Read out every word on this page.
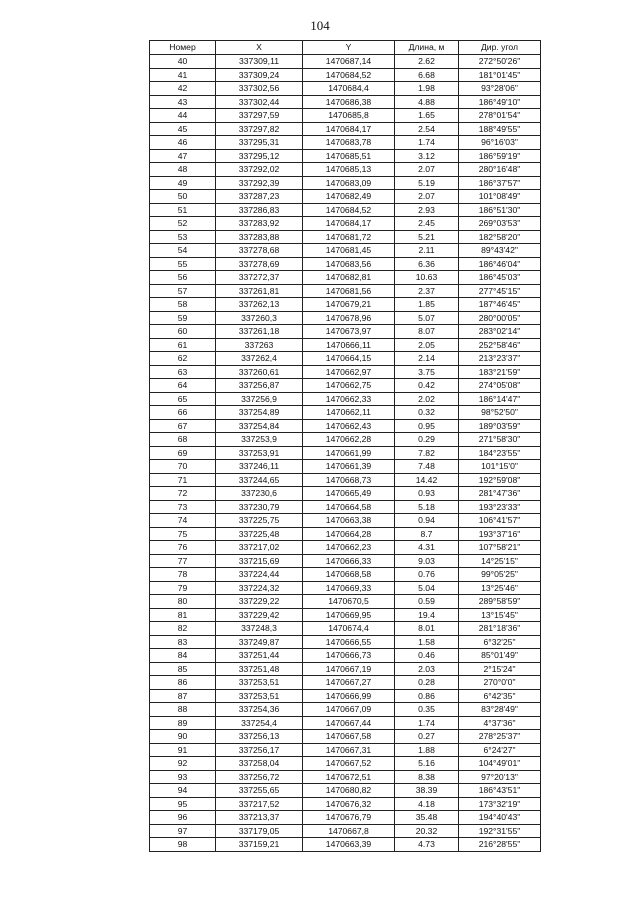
104
Номер	X	Y	Длина, м	Дир. угол
40	337309,11	1470687,14	2.62	272°50'26"
41	337309,24	1470684,52	6.68	181°01'45"
42	337302,56	1470684,4	1.98	93°28'06"
43	337302,44	1470686,38	4.88	186°49'10"
44	337297,59	1470685,8	1.65	278°01'54"
45	337297,82	1470684,17	2.54	188°49'55"
46	337295,31	1470683,78	1.74	96°16'03"
47	337295,12	1470685,51	3.12	186°59'19"
48	337292,02	1470685,13	2.07	280°16'48"
49	337292,39	1470683,09	5.19	186°37'57"
50	337287,23	1470682,49	2.07	101°08'49"
51	337286,83	1470684,52	2.93	186°51'30"
52	337283,92	1470684,17	2.45	269°03'53"
53	337283,88	1470681,72	5.21	182°58'20"
54	337278,68	1470681,45	2.11	89°43'42"
55	337278,69	1470683,56	6.36	186°46'04"
56	337272,37	1470682,81	10.63	186°45'03"
57	337261,81	1470681,56	2.37	277°45'15"
58	337262,13	1470679,21	1.85	187°46'45"
59	337260,3	1470678,96	5.07	280°00'05"
60	337261,18	1470673,97	8.07	283°02'14"
61	337263	1470666,11	2.05	252°58'46"
62	337262,4	1470664,15	2.14	213°23'37"
63	337260,61	1470662,97	3.75	183°21'59"
64	337256,87	1470662,75	0.42	274°05'08"
65	337256,9	1470662,33	2.02	186°14'47"
66	337254,89	1470662,11	0.32	98°52'50"
67	337254,84	1470662,43	0.95	189°03'59"
68	337253,9	1470662,28	0.29	271°58'30"
69	337253,91	1470661,99	7.82	184°23'55"
70	337246,11	1470661,39	7.48	101°15'0"
71	337244,65	1470668,73	14.42	192°59'08"
72	337230,6	1470665,49	0.93	281°47'36"
73	337230,79	1470664,58	5.18	193°23'33"
74	337225,75	1470663,38	0.94	106°41'57"
75	337225,48	1470664,28	8.7	193°37'16"
76	337217,02	1470662,23	4.31	107°58'21"
77	337215,69	1470666,33	9.03	14°25'15"
78	337224,44	1470668,58	0.76	99°05'25"
79	337224,32	1470669,33	5.04	13°25'46"
80	337229,22	1470670,5	0.59	289°58'59"
81	337229,42	1470669,95	19.4	13°15'45"
82	337248,3	1470674,4	8.01	281°18'36"
83	337249,87	1470666,55	1.58	6°32'25"
84	337251,44	1470666,73	0.46	85°01'49"
85	337251,48	1470667,19	2.03	2°15'24"
86	337253,51	1470667,27	0.28	270°0'0"
87	337253,51	1470666,99	0.86	6°42'35"
88	337254,36	1470667,09	0.35	83°28'49"
89	337254,4	1470667,44	1.74	4°37'36"
90	337256,13	1470667,58	0.27	278°25'37"
91	337256,17	1470667,31	1.88	6°24'27"
92	337258,04	1470667,52	5.16	104°49'01"
93	337256,72	1470672,51	8.38	97°20'13"
94	337255,65	1470680,82	38.39	186°43'51"
95	337217,52	1470676,32	4.18	173°32'19"
96	337213,37	1470676,79	35.48	194°40'43"
97	337179,05	1470667,8	20.32	192°31'55"
98	337159,21	1470663,39	4.73	216°28'55"
